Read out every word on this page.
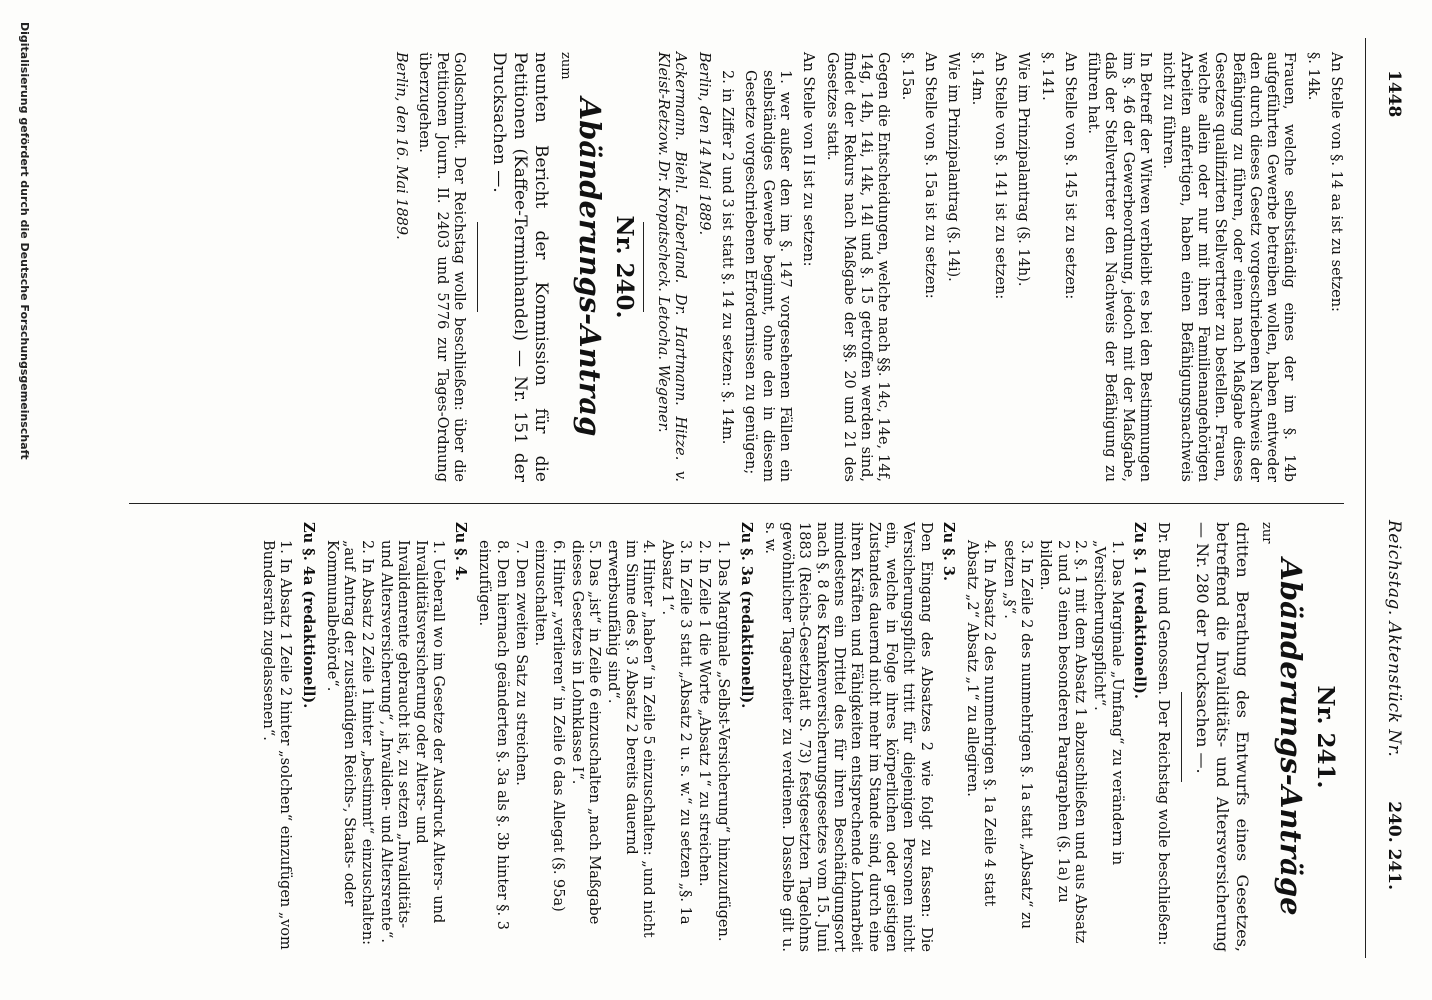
1448
Reichstag. Aktenstück Nr.
240. 241.

An Stelle von §. 14 aa ist zu setzen:

§. 14k.

Frauen, welche selbstständig eines der im §. 14b aufgeführten Gewerbe betreiben wollen, haben entweder den durch dieses Gesetz vorgeschriebenen Nachweis der Befähigung zu führen, oder einen nach Maßgabe dieses Gesetzes qualifizirten Stellvertreter zu bestellen. Frauen, welche allein oder nur mit ihren Familienangehörigen Arbeiten anfertigen, haben einen Befähigungsnachweis nicht zu führen.

In Betreff der Witwen verbleibt es bei den Bestimmungen im §. 46 der Gewerbeordnung, jedoch mit der Maßgabe, daß der Stellvertreter den Nachweis der Befähigung zu führen hat.

An Stelle von §. 145 ist zu setzen:

§. 141.

Wie im Prinzipalantrag (§. 14h).

An Stelle von §. 141 ist zu setzen:

§. 14m.

Wie im Prinzipalantrag (§. 14i).

An Stelle von §. 15a ist zu setzen:

§. 15a.

Gegen die Entscheidungen, welche nach §§. 14c, 14e, 14f, 14g, 14h, 14i, 14k, 14l und §. 15 getroffen werden sind, findet der Rekurs nach Maßgabe der §§. 20 und 21 des Gesetzes statt.

An Stelle von II ist zu setzen:

1. wer außer den im §. 147 vorgesehenen Fällen ein selbständiges Gewerbe beginnt, ohne den in diesem Gesetze vorgeschriebenen Erfordernissen zu genügen;

2. in Ziffer 2 und 3 ist statt §. 14 zu setzen: §. 14m.

Berlin, den 14 Mai 1889.

Ackermann. Biehl. Faberland. Dr. Hartmann. Hitze. v. Kleist-Retzow. Dr. Kropatscheck. Letocha. Wegener.

Nr. 240.
Abänderungs-Antrag

zum

neunten Bericht der Kommission für die Petitionen (Kaffee-Terminhandel) — Nr. 151 der Drucksachen —.

Goldschmidt. Der Reichstag wolle beschließen: über die Petitionen Journ. II. 2403 und 5776 zur Tages-Ordnung überzugehen.

Berlin, den 16. Mai 1889.

Nr. 241.
Abänderungs-Anträge

zur

dritten Berathung des Entwurfs eines Gesetzes, betreffend die Invaliditäts- und Altersversicherung — Nr. 280 der Drucksachen —.

Dr. Buhl und Genossen. Der Reichstag wolle beschließen:

Zu §. 1 (redaktionell).

1. Das Marginale „Umfang“ zu verändern in „Versicherungspflicht“.
2. §. 1 mit dem Absatz 1 abzuschließen und aus Absatz 2 und 3 einen besonderen Paragraphen (§. 1a) zu bilden.
3. In Zeile 2 des nunmehrigen §. 1a statt „Absatz“ zu setzen „§“.
4. In Absatz 2 des nunmehrigen §. 1a Zeile 4 statt Absatz „2“ Absatz „1“ zu allegiren.

Zu §. 3.

Den Eingang des Absatzes 2 wie folgt zu fassen: Die Versicherungspflicht tritt für diejenigen Personen nicht ein, welche in Folge ihres körperlichen oder geistigen Zustandes dauernd nicht mehr im Stande sind, durch eine ihren Kräften und Fähigkeiten entsprechende Lohnarbeit mindestens ein Drittel des für ihren Beschäftigungsort nach §. 8 des Krankenversicherungsgesetzes vom 15. Juni 1883 (Reichs-Gesetzblatt S. 73) festgesetzten Tagelohns gewöhnlicher Tagearbeiter zu verdienen. Dasselbe gilt u. s. w.

Zu §. 3a (redaktionell).

1. Das Marginale „Selbst-Versicherung“ hinzuzufügen.
2. In Zeile 1 die Worte „Absatz 1“ zu streichen.
3. In Zeile 3 statt „Absatz 2 u. s. w.“ zu setzen „§. 1a Absatz 1“.
4. Hinter „haben“ in Zeile 5 einzuschalten: „und nicht im Sinne des §. 3 Absatz 2 bereits dauernd erwerbsunfähig sind“.
5. Das „ist“ in Zeile 6 einzuschalten „nach Maßgabe dieses Gesetzes in Lohnklasse I“.
6. Hinter „verlieren“ in Zeile 6 das Allegat (§. 95a) einzuschalten.
7. Den zweiten Satz zu streichen.
8. Den hiernach geänderten §. 3a als §. 3b hinter §. 3 einzufügen.

Zu §. 4.

1. Ueberall wo im Gesetze der Ausdruck Alters- und Invaliditätsversicherung oder Alters- und Invalidenrente gebraucht ist, zu setzen „Invaliditäts- und Altersversicherung“, „Invaliden- und Altersrente“.
2. In Absatz 2 Zeile 1 hinter „bestimmt“ einzuschalten: „auf Antrag der zuständigen Reichs-, Staats- oder Kommunalbehörde“.

Zu §. 4a (redaktionell).

1. In Absatz 1 Zeile 2 hinter „solchen“ einzufügen „vom Bundesrath zugelassenen“.
Digitalisierung gefördert durch die Deutsche Forschungsgemeinschaft
